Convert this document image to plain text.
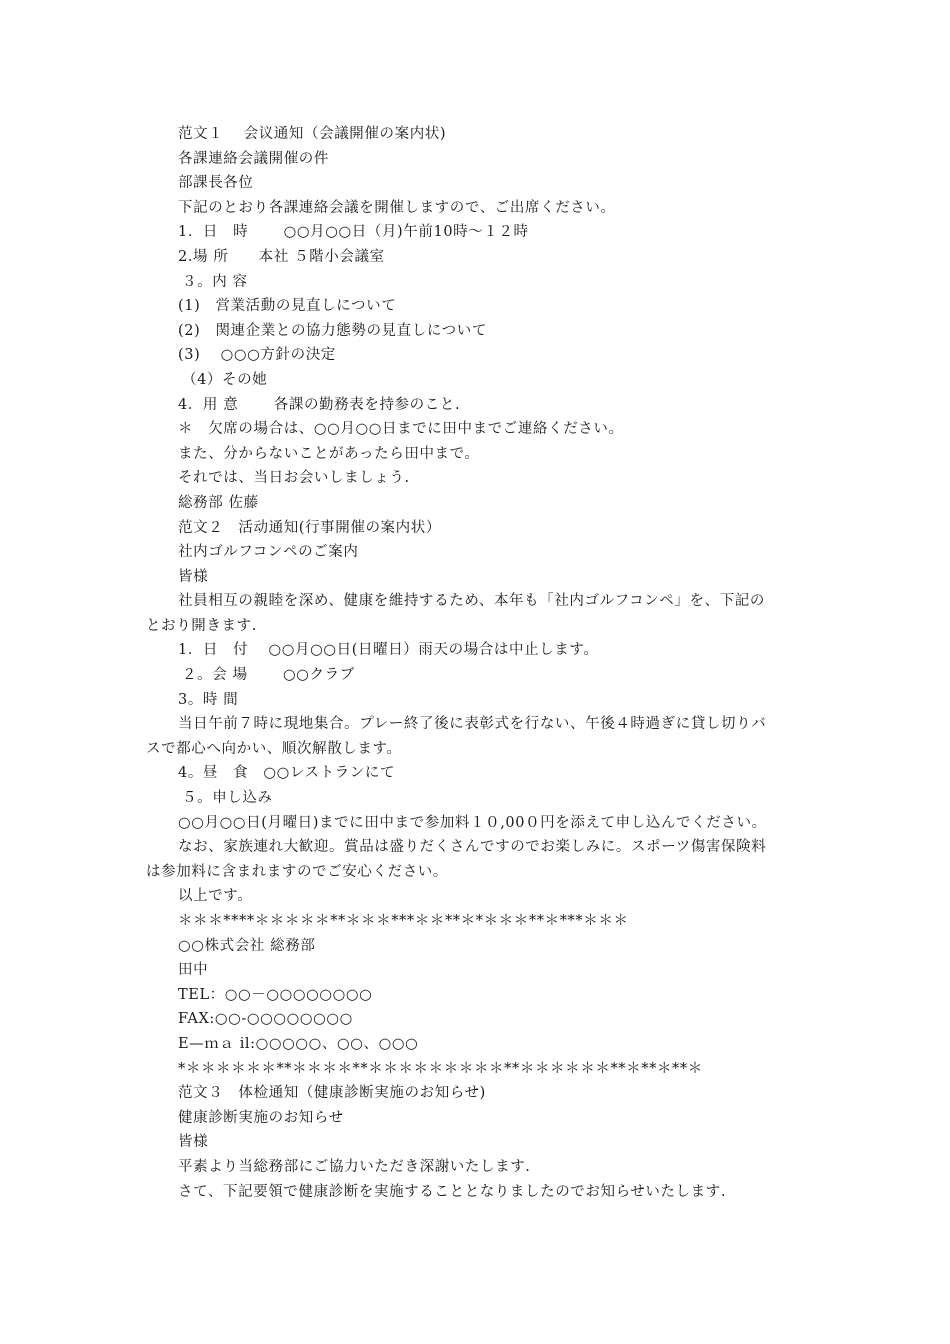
范文１　 会议通知（会議開催の案内状)

各課連絡会議開催の件

部課長各位

下記のとおり各課連絡会議を開催しますので、ご出席ください。

1．日　時　　 ○○月○○日（月)午前10時～１２時

2.場 所　　本社 ５階小会議室

３。内 容

(1)　営業活動の見直しについて

(2)　関連企業との協力態勢の見直しについて

(3)　 ○○○方針の決定

（4）その她

4．用 意　　 各課の勤務表を持参のこと.

＊　欠席の場合は、○○月○○日までに田中までご連絡ください。

また、分からないことがあったら田中まで。

それでは、当日お会いしましょう.

総務部 佐藤

范文２　活动通知(行事開催の案内状）

社内ゴルフコンペのご案内

皆様

社員相互の親睦を深め、健康を維持するため、本年も「社内ゴルフコンペ」を、下記の

とおり開きます.

1．日　付　 ○○月○○日(日曜日）雨天の場合は中止します。

２。会 場　　 ○○クラブ

3。時 間

当日午前７時に現地集合。プレー終了後に表彰式を行ない、午後４時過ぎに貸し切りバ

スで都心へ向かい、順次解散します。

4。昼　食　○○レストランにて

５。申し込み

○○月○○日(月曜日)までに田中まで参加料１０,00０円を添えて申し込んでください。

なお、家族連れ大歓迎。賞品は盛りだくさんですのでお楽しみに。スポーツ傷害保険料

は参加料に含まれますのでご安心ください。

以上です。

＊＊＊****＊＊＊＊＊**＊＊＊***＊＊**＊*＊＊＊**＊***＊＊＊

○○株式会社 総務部

田中

TEL：○○－○○○○○○○○

FAX:○○-○○○○○○○○

E—ｍａ il:○○○○○、○○、○○○

*＊＊＊＊＊＊**＊＊＊＊**＊＊＊＊＊＊＊＊＊**＊＊＊＊＊＊**＊**＊**＊

范文３　体检通知（健康診断実施のお知らせ)

健康診断実施のお知らせ

皆様

平素より当総務部にご協力いただき深謝いたします.

さて、下記要領で健康診断を実施することとなりましたのでお知らせいたします.
